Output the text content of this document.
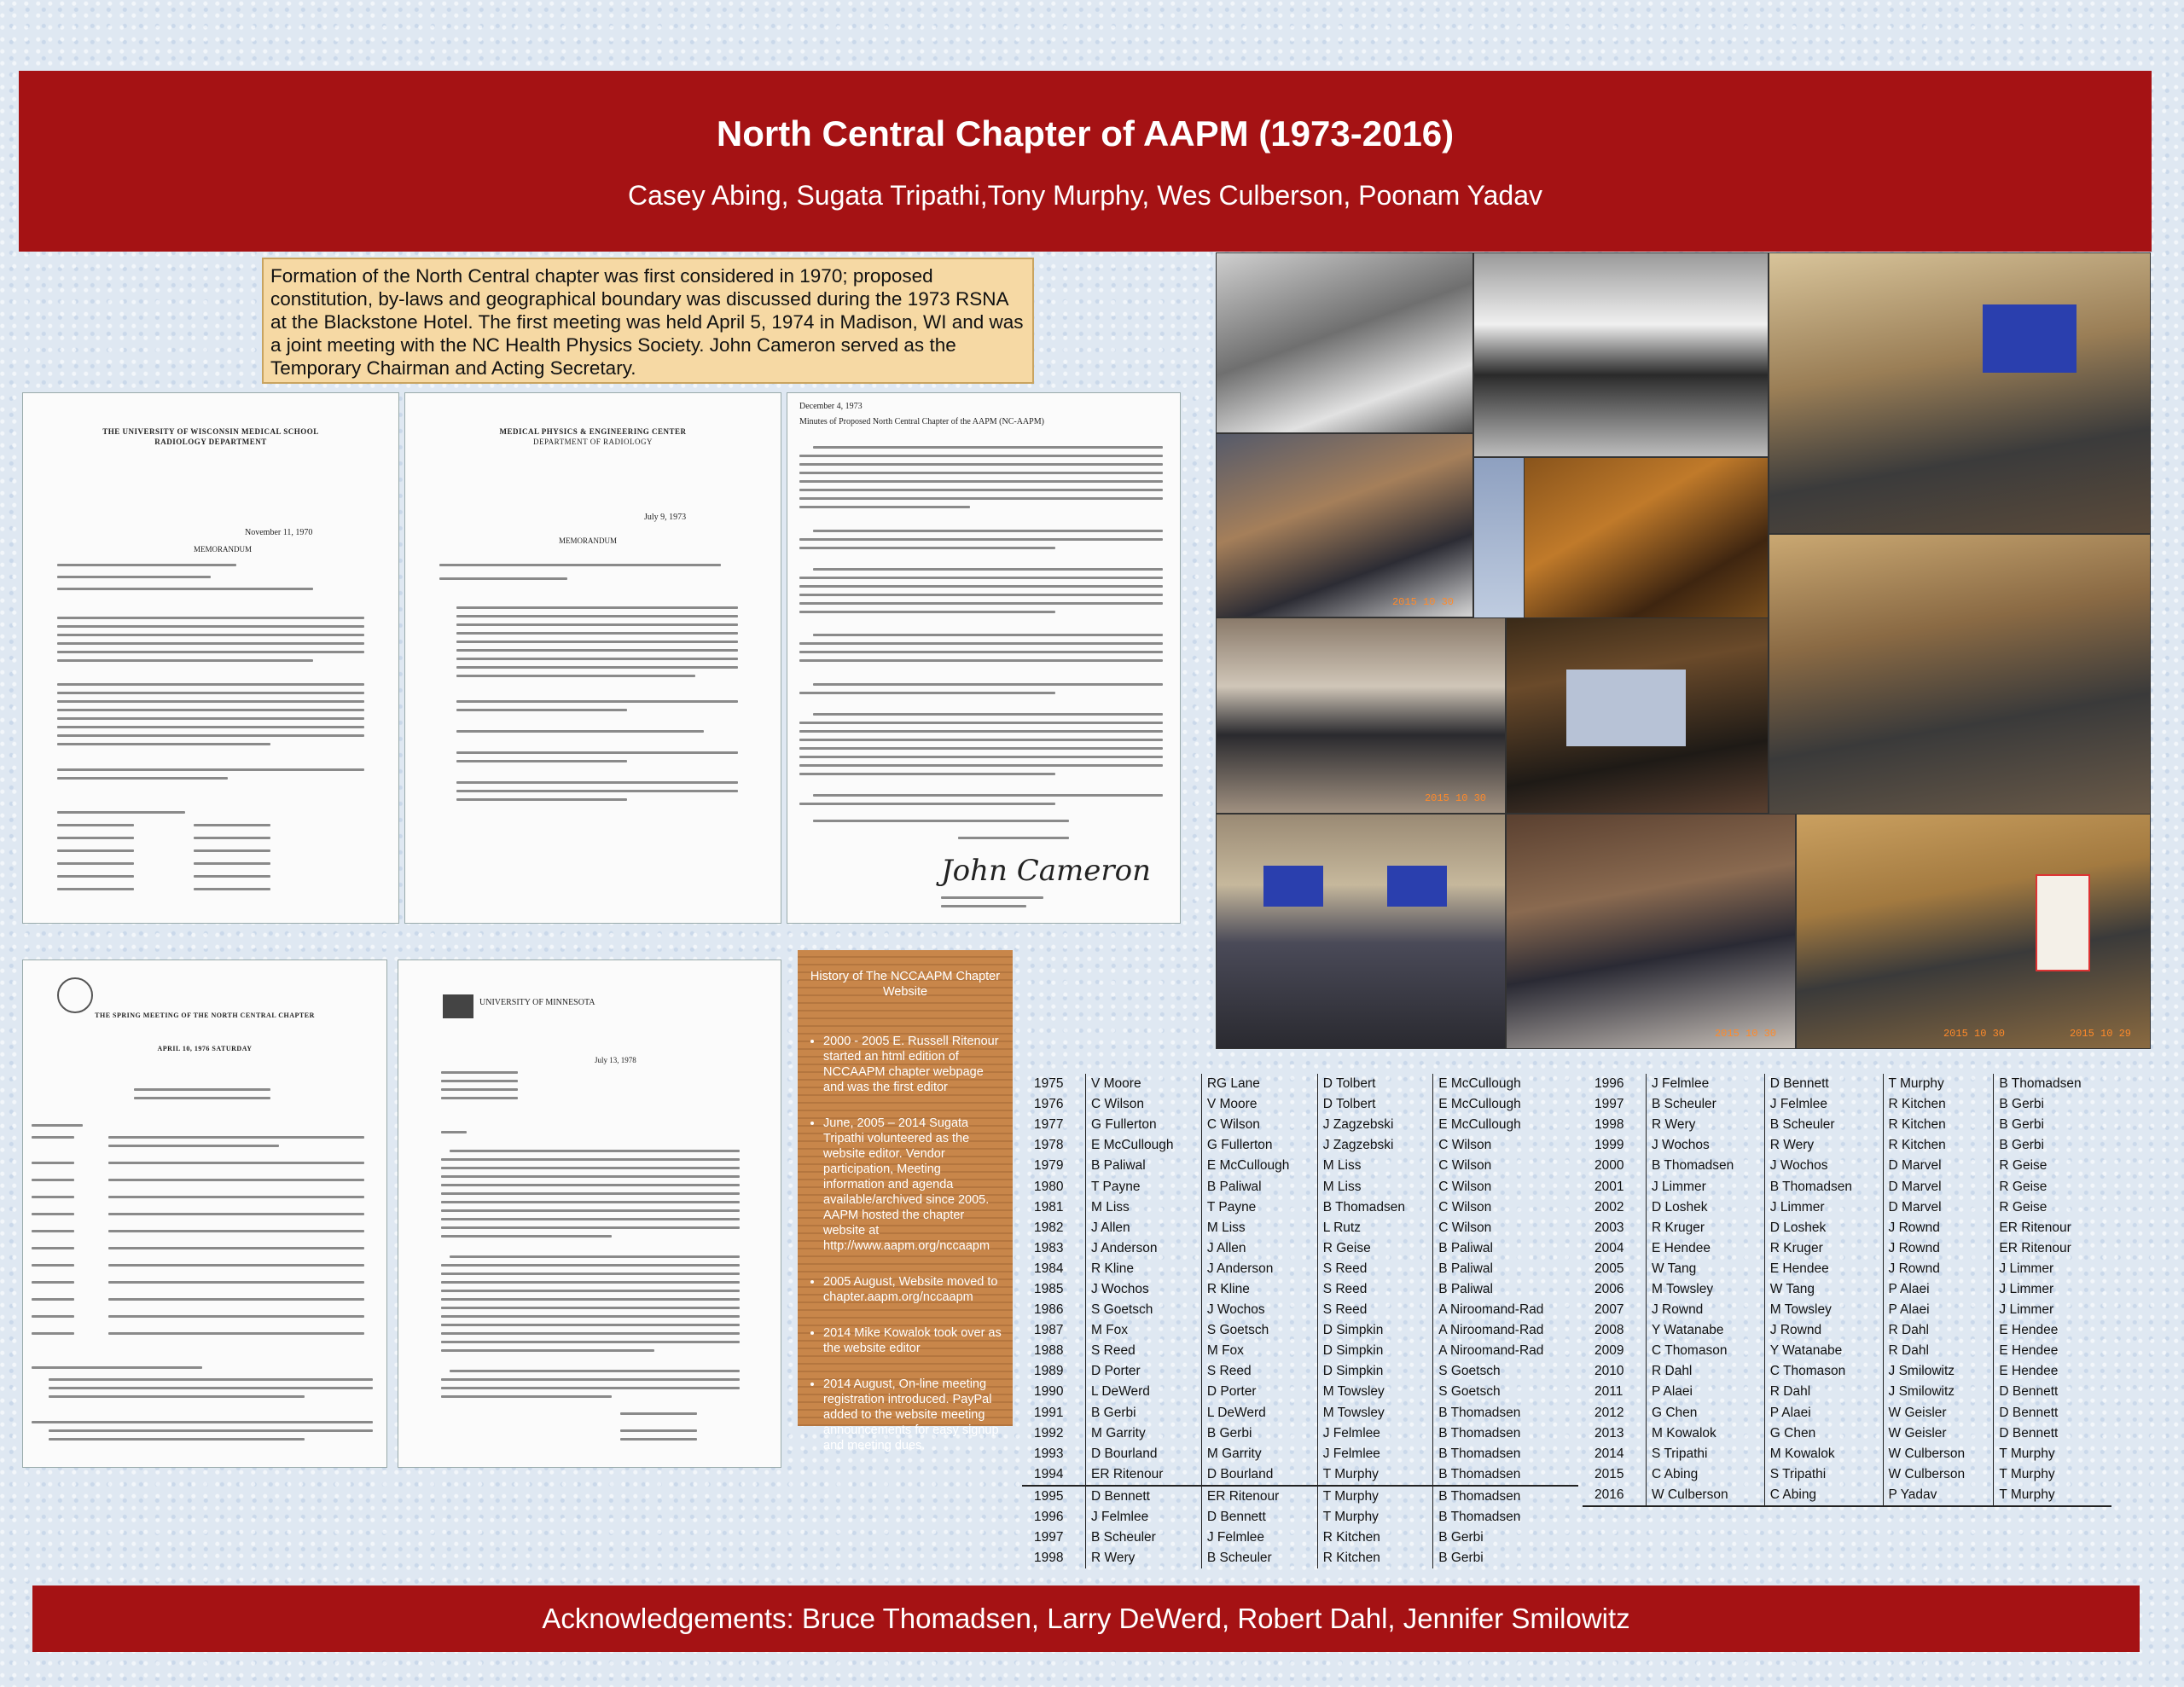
North Central Chapter of AAPM (1973-2016)
Casey Abing, Sugata Tripathi,Tony Murphy, Wes Culberson, Poonam Yadav
Formation of the North Central chapter was first considered in 1970; proposed constitution, by-laws and geographical boundary was discussed during the 1973 RSNA at the Blackstone Hotel. The first meeting was held April 5, 1974 in Madison, WI and was a joint meeting with the NC Health Physics Society. John Cameron served as the Temporary Chairman and Acting Secretary.
THE UNIVERSITY OF WISCONSIN MEDICAL SCHOOL
RADIOLOGY DEPARTMENT
November 11, 1970
MEMORANDUM
MEDICAL PHYSICS & ENGINEERING CENTER
DEPARTMENT OF RADIOLOGY
July 9, 1973
MEMORANDUM
December 4, 1973
Minutes of Proposed North Central Chapter of the AAPM (NC-AAPM)
John Cameron
THE SPRING MEETING OF THE NORTH CENTRAL CHAPTER
APRIL 10, 1976 SATURDAY
UNIVERSITY OF MINNESOTA
July 13, 1978
2015 10 30
2015 10 30
2015 10 30	2015 10 30	2015 10 29
History of The NCCAAPM Chapter Website
• 2000 - 2005 E. Russell Ritenour started an html edition of NCCAAPM chapter webpage and was the first editor
• June, 2005 – 2014 Sugata Tripathi volunteered as the website editor. Vendor participation, Meeting information and agenda available/archived since 2005. AAPM hosted the chapter website at http://www.aapm.org/nccaapm
• 2005 August, Website moved to chapter.aapm.org/nccaapm
• 2014 Mike Kowalok took over as the website editor
• 2014 August, On-line meeting registration introduced. PayPal added to the website meeting announcements for easy signup and meeting dues.
1975	V Moore	RG Lane	D Tolbert	E McCullough
1976	C Wilson	V Moore	D Tolbert	E McCullough
1977	G Fullerton	C Wilson	J Zagzebski	E McCullough
1978	E McCullough	G Fullerton	J Zagzebski	C Wilson
1979	B Paliwal	E McCullough	M Liss	C Wilson
1980	T Payne	B Paliwal	M Liss	C Wilson
1981	M Liss	T Payne	B Thomadsen	C Wilson
1982	J Allen	M Liss	L Rutz	C Wilson
1983	J Anderson	J Allen	R Geise	B Paliwal
1984	R Kline	J Anderson	S Reed	B Paliwal
1985	J Wochos	R Kline	S Reed	B Paliwal
1986	S Goetsch	J Wochos	S Reed	A Niroomand-Rad
1987	M Fox	S Goetsch	D Simpkin	A Niroomand-Rad
1988	S Reed	M Fox	D Simpkin	A Niroomand-Rad
1989	D Porter	S Reed	D Simpkin	S Goetsch
1990	L DeWerd	D Porter	M Towsley	S Goetsch
1991	B Gerbi	L DeWerd	M Towsley	B Thomadsen
1992	M Garrity	B Gerbi	J Felmlee	B Thomadsen
1993	D Bourland	M Garrity	J Felmlee	B Thomadsen
1994	ER Ritenour	D Bourland	T Murphy	B Thomadsen
1995	D Bennett	ER Ritenour	T Murphy	B Thomadsen
1996	J Felmlee	D Bennett	T Murphy	B Thomadsen
1997	B Scheuler	J Felmlee	R Kitchen	B Gerbi
1998	R Wery	B Scheuler	R Kitchen	B Gerbi
1996	J Felmlee	D Bennett	T Murphy	B Thomadsen
1997	B Scheuler	J Felmlee	R Kitchen	B Gerbi
1998	R Wery	B Scheuler	R Kitchen	B Gerbi
1999	J Wochos	R Wery	R Kitchen	B Gerbi
2000	B Thomadsen	J Wochos	D Marvel	R Geise
2001	J Limmer	B Thomadsen	D Marvel	R Geise
2002	D Loshek	J Limmer	D Marvel	R Geise
2003	R Kruger	D Loshek	J Rownd	ER Ritenour
2004	E Hendee	R Kruger	J Rownd	ER Ritenour
2005	W Tang	E Hendee	J Rownd	J Limmer
2006	M Towsley	W Tang	P Alaei	J Limmer
2007	J Rownd	M Towsley	P Alaei	J Limmer
2008	Y Watanabe	J Rownd	R Dahl	E Hendee
2009	C Thomason	Y Watanabe	R Dahl	E Hendee
2010	R Dahl	C Thomason	J Smilowitz	E Hendee
2011	P Alaei	R Dahl	J Smilowitz	D Bennett
2012	G Chen	P Alaei	W Geisler	D Bennett
2013	M Kowalok	G Chen	W Geisler	D Bennett
2014	S Tripathi	M Kowalok	W Culberson	T Murphy
2015	C Abing	S Tripathi	W Culberson	T Murphy
2016	W Culberson	C Abing	P Yadav	T Murphy
Acknowledgements: Bruce Thomadsen, Larry DeWerd, Robert Dahl, Jennifer Smilowitz
